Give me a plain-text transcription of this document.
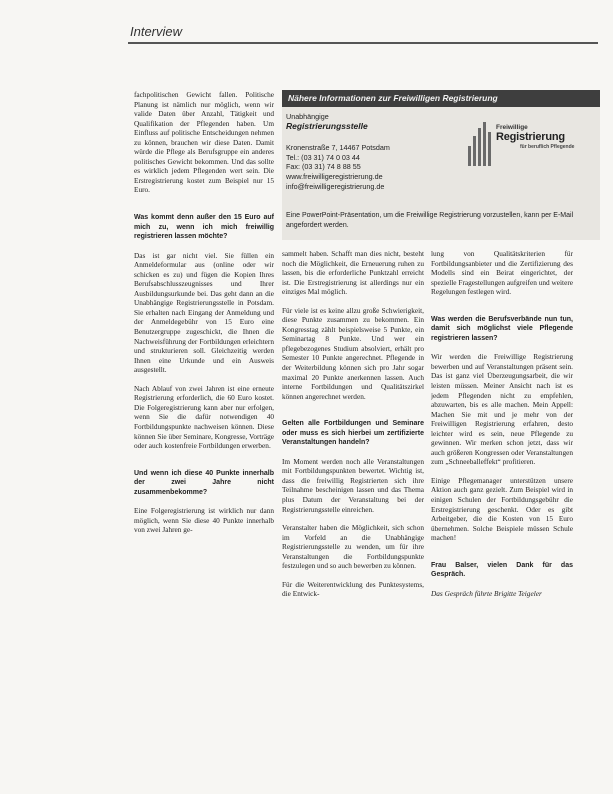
Interview
Nähere Informationen zur Freiwilligen Registrierung
Unabhängige
Registrierungsstelle
Kronenstraße 7, 14467 Potsdam
Tel.: (03 31) 74 0 03 44
Fax: (03 31) 74 8 88 55
www.freiwilligeregistrierung.de
info@freiwilligeregistrierung.de
Eine PowerPoint-Präsentation, um die Freiwillige Registrierung vorzustellen, kann per E-Mail angefordert werden.
Freiwillige
Registrierung
für beruflich Pflegende

fachpolitischen Gewicht fallen. Politische Planung ist nämlich nur möglich, wenn wir valide Daten über Anzahl, Tätigkeit und Qualifikation der Pflegenden haben. Um Einfluss auf politische Entscheidungen nehmen zu können, brauchen wir diese Daten. Damit würde die Pflege als Berufsgruppe ein anderes politisches Gewicht bekommen. Und das sollte es wirklich jedem Pflegenden wert sein. Die Erstregistrierung kostet zum Beispiel nur 15 Euro.

Was kommt denn außer den 15 Euro auf mich zu, wenn ich mich freiwillig registrieren lassen möchte?

Das ist gar nicht viel. Sie füllen ein Anmeldeformular aus (online oder wir schicken es zu) und fügen die Kopien Ihres Berufsabschlusszeugnisses und Ihrer Ausbildungsurkunde bei. Das geht dann an die Unabhängige Registrierungsstelle in Potsdam. Sie erhalten nach Eingang der Anmeldung und der Anmeldegebühr von 15 Euro eine Benutzergruppe zugeschickt, die Ihnen die Nachweisführung der Fortbildungen erleichtern und strukturieren soll. Gleichzeitig werden Ihnen eine Urkunde und ein Ausweis ausgestellt.

Nach Ablauf von zwei Jahren ist eine erneute Registrierung erforderlich, die 60 Euro kostet. Die Folgeregistrierung kann aber nur erfolgen, wenn Sie die dafür notwendigen 40 Fortbildungspunkte nachweisen können. Diese können Sie über Seminare, Kongresse, Vorträge oder auch kostenfreie Fortbildungen erwerben.

Und wenn ich diese 40 Punkte innerhalb der zwei Jahre nicht zusammenbekomme?

Eine Folgeregistrierung ist wirklich nur dann möglich, wenn Sie diese 40 Punkte innerhalb von zwei Jahren ge-

sammelt haben. Schafft man dies nicht, besteht noch die Möglichkeit, die Erneuerung ruhen zu lassen, bis die erforderliche Punktzahl erreicht ist. Die Erstregistrierung ist allerdings nur ein einziges Mal möglich.

Für viele ist es keine allzu große Schwierigkeit, diese Punkte zusammen zu bekommen. Ein Kongresstag zählt beispielsweise 5 Punkte, ein Seminartag 8 Punkte. Und wer ein pflegebezogenes Studium absolviert, erhält pro Semester 10 Punkte angerechnet. Pflegende in der Weiterbildung können sich pro Jahr sogar maximal 20 Punkte anerkennen lassen. Auch interne Fortbildungen und Qualitätszirkel können angerechnet werden.

Gelten alle Fortbildungen und Seminare oder muss es sich hierbei um zertifizierte Veranstaltungen handeln?

Im Moment werden noch alle Veranstaltungen mit Fortbildungspunkten bewertet. Wichtig ist, dass die freiwillig Registrierten sich ihre Teilnahme bescheinigen lassen und das Thema plus Datum der Veranstaltung bei der Registrierungsstelle einreichen.

Veranstalter haben die Möglichkeit, sich schon im Vorfeld an die Unabhängige Registrierungsstelle zu wenden, um für ihre Veranstaltungen die Fortbildungspunkte festzulegen und so auch bewerben zu können.

Für die Weiterentwicklung des Punktesystems, die Entwick-

lung von Qualitätskriterien für Fortbildungsanbieter und die Zertifizierung des Modells sind ein Beirat eingerichtet, der spezielle Fragestellungen aufgreifen und weitere Regelungen festlegen wird.

Was werden die Berufsverbände nun tun, damit sich möglichst viele Pflegende registrieren lassen?

Wir werden die Freiwillige Registrierung bewerben und auf Veranstaltungen präsent sein. Das ist ganz viel Überzeugungsarbeit, die wir leisten müssen. Meiner Ansicht nach ist es jedem Pflegenden nicht zu empfehlen, abzuwarten, bis es alle machen. Mein Appell: Machen Sie mit und je mehr von der Freiwilligen Registrierung erfahren, desto leichter wird es sein, neue Pflegende zu gewinnen. Wir merken schon jetzt, dass wir auch größeren Kongressen oder Veranstaltungen zum „Schneeballeffekt“ profitieren.

Einige Pflegemanager unterstützen unsere Aktion auch ganz gezielt. Zum Beispiel wird in einigen Schulen der Fortbildungsgebühr die Erstregistrierung geschenkt. Oder es gibt Arbeitgeber, die die Kosten von 15 Euro übernehmen. Solche Beispiele müssen Schule machen!

Frau Balser, vielen Dank für das Gespräch.

Das Gespräch führte Brigitte Teigeler
